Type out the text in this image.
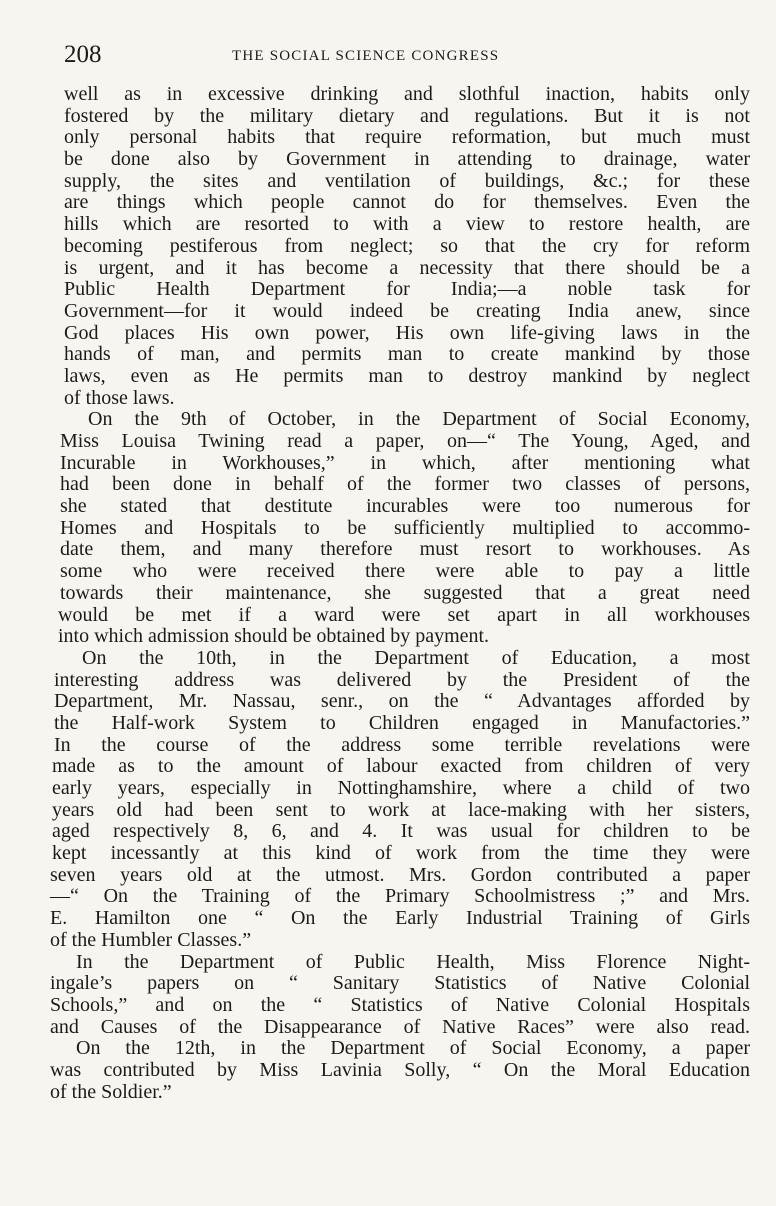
208	THE SOCIAL SCIENCE CONGRESS
well as in excessive drinking and slothful inaction, habits only
fostered by the military dietary and regulations. But it is not
only personal habits that require reformation, but much must
be done also by Government in attending to drainage, water
supply, the sites and ventilation of buildings, &c.; for these
are things which people cannot do for themselves. Even the
hills which are resorted to with a view to restore health, are
becoming pestiferous from neglect; so that the cry for reform
is urgent, and it has become a necessity that there should be a
Public Health Department for India;—a noble task for
Government—for it would indeed be creating India anew, since
God places His own power, His own life-giving laws in the
hands of man, and permits man to create mankind by those
laws, even as He permits man to destroy mankind by neglect
of those laws.
On the 9th of October, in the Department of Social Economy,
Miss Louisa Twining read a paper, on—“ The Young, Aged, and
Incurable in Workhouses,” in which, after mentioning what
had been done in behalf of the former two classes of persons,
she stated that destitute incurables were too numerous for
Homes and Hospitals to be sufficiently multiplied to accommo-
date them, and many therefore must resort to workhouses. As
some who were received there were able to pay a little
towards their maintenance, she suggested that a great need
would be met if a ward were set apart in all workhouses
into which admission should be obtained by payment.
On the 10th, in the Department of Education, a most
interesting address was delivered by the President of the
Department, Mr. Nassau, senr., on the “ Advantages afforded by
the Half-work System to Children engaged in Manufactories.”
In the course of the address some terrible revelations were
made as to the amount of labour exacted from children of very
early years, especially in Nottinghamshire, where a child of two
years old had been sent to work at lace-making with her sisters,
aged respectively 8, 6, and 4. It was usual for children to be
kept incessantly at this kind of work from the time they were
seven years old at the utmost. Mrs. Gordon contributed a paper
—“ On the Training of the Primary Schoolmistress ;” and Mrs.
E. Hamilton one “ On the Early Industrial Training of Girls
of the Humbler Classes.”
In the Department of Public Health, Miss Florence Night-
ingale’s papers on “ Sanitary Statistics of Native Colonial
Schools,” and on the “ Statistics of Native Colonial Hospitals
and Causes of the Disappearance of Native Races” were also read.
On the 12th, in the Department of Social Economy, a paper
was contributed by Miss Lavinia Solly, “ On the Moral Education
of the Soldier.”
